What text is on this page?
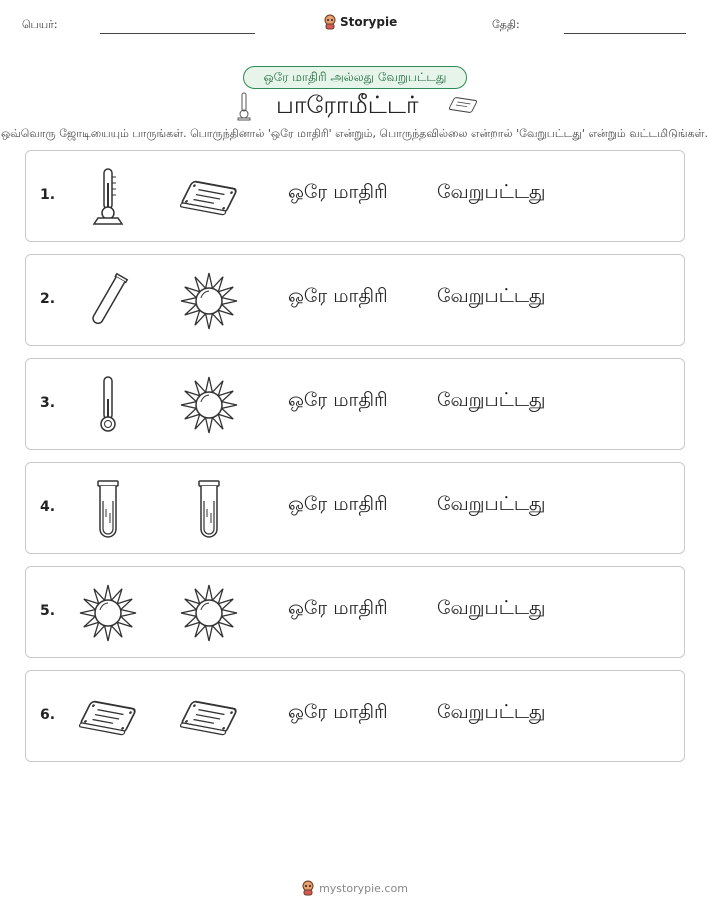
பெயர்:	Storypie	தேதி:
ஒரே மாதிரி அல்லது வேறுபட்டது
பாரோமீட்டர்
ஒவ்வொரு ஜோடியையும் பாருங்கள். பொருந்தினால் 'ஒரே மாதிரி' என்றும், பொருந்தவில்லை என்றால் 'வேறுபட்டது' என்றும் வட்டமிடுங்கள்.
1.	ஒரே மாதிரி	வேறுபட்டது
2.	ஒரே மாதிரி	வேறுபட்டது
3.	ஒரே மாதிரி	வேறுபட்டது
4.	ஒரே மாதிரி	வேறுபட்டது
5.	ஒரே மாதிரி	வேறுபட்டது
6.	ஒரே மாதிரி	வேறுபட்டது
mystorypie.com
